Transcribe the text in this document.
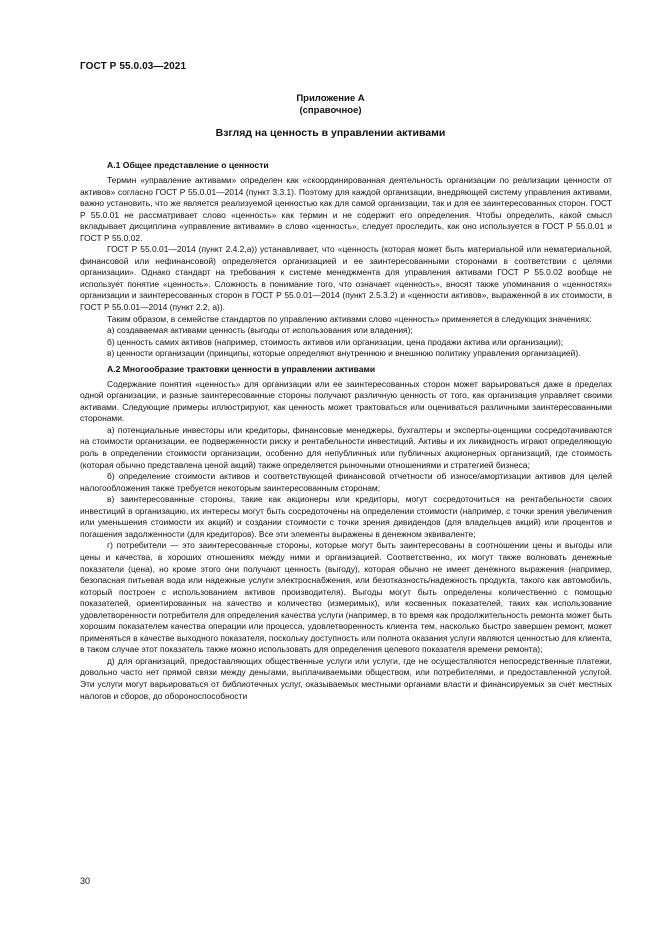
ГОСТ Р 55.0.03—2021
Приложение А
(справочное)
Взгляд на ценность в управлении активами
А.1 Общее представление о ценности

Термин «управление активами» определен как «скоординированная деятельность организации по реализации ценности от активов» согласно ГОСТ Р 55.0.01—2014 (пункт 3.3.1). Поэтому для каждой организации, внедряющей систему управления активами, важно установить, что же является реализуемой ценностью как для самой организации, так и для ее заинтересованных сторон. ГОСТ Р 55.0.01 не рассматривает слово «ценность» как термин и не содержит его определения. Чтобы определить, какой смысл вкладывает дисциплина «управление активами» в слово «ценность», следует проследить, как оно используется в ГОСТ Р 55.0.01 и ГОСТ Р 55.0.02.

ГОСТ Р 55.0.01—2014 (пункт 2.4.2,а)) устанавливает, что «ценность (которая может быть материальной или нематериальной, финансовой или нефинансовой) определяется организацией и ее заинтересованными сторонами в соответствии с целями организации». Однако стандарт на требования к системе менеджмента для управления активами ГОСТ Р 55.0.02 вообще не использует понятие «ценность». Сложность в понимание того, что означает «ценность», вносят также упоминания о «ценностях» организации и заинтересованных сторон в ГОСТ Р 55.0.01—2014 (пункт 2.5.3.2) и «ценности активов», выраженной в их стоимости, в ГОСТ Р 55.0.01—2014 (пункт 2.2, а)).

Таким образом, в семействе стандартов по управлению активами слово «ценность» применяется в следующих значениях:

а) создаваемая активами ценность (выгоды от использования или владения);

б) ценность самих активов (например, стоимость активов или организации, цена продажи актива или организации);

в) ценности организации (принципы, которые определяют внутреннюю и внешнюю политику управления организацией).

А.2 Многообразие трактовки ценности в управлении активами

Содержание понятия «ценность» для организации или ее заинтересованных сторон может варьироваться даже в пределах одной организации, и разные заинтересованные стороны получают различную ценность от того, как организация управляет своими активами. Следующие примеры иллюстрируют, как ценность может трактоваться или оцениваться различными заинтересованными сторонами.

а) потенциальные инвесторы или кредиторы, финансовые менеджеры, бухгалтеры и эксперты-оценщики сосредотачиваются на стоимости организации, ее подверженности риску и рентабельности инвестиций. Активы и их ликвидность играют определяющую роль в определении стоимости организации, особенно для непубличных или публичных акционерных организаций, где стоимость (которая обычно представлена ценой акций) также определяется рыночными отношениями и стратегией бизнеса;

б) определение стоимости активов и соответствующей финансовой отчетности об износе/амортизации активов для целей налогообложения также требуется некоторым заинтересованным сторонам;

в) заинтересованные стороны, такие как акционеры или кредиторы, могут сосредоточиться на рентабельности своих инвестиций в организацию, их интересы могут быть сосредоточены на определении стоимости (например, с точки зрения увеличения или уменьшения стоимости их акций) и создании стоимости с точки зрения дивидендов (для владельцев акций) или процентов и погашения задолженности (для кредиторов). Все эти элементы выражены в денежном эквиваленте;

г) потребители — это заинтересованные стороны, которые могут быть заинтересованы в соотношении цены и выгоды или цены и качества, в хороших отношениях между ними и организацией. Соответственно, их могут также волновать денежные показатели (цена), но кроме этого они получают ценность (выгоду), которая обычно не имеет денежного выражения (например, безопасная питьевая вода или надежные услуги электроснабжения, или безотказность/надежность продукта, такого как автомобиль, который построен с использованием активов производителя). Выгоды могут быть определены количественно с помощью показателей, ориентированных на качество и количество (измеримых), или косвенных показателей, таких как использование удовлетворенности потребителя для определения качества услуги (например, в то время как продолжительность ремонта может быть хорошим показателем качества операции или процесса, удовлетворенность клиента тем, насколько быстро завершен ремонт, может применяться в качестве выходного показателя, поскольку доступность или полнота оказания услуги являются ценностью для клиента, в таком случае этот показатель также можно использовать для определения целевого показателя времени ремонта);

д) для организаций, предоставляющих общественные услуги или услуги, где не осуществляются непосредственные платежи, довольно часто нет прямой связи между деньгами, выплачиваемыми обществом, или потребителями, и предоставленной услугой. Эти услуги могут варьироваться от библиотечных услуг, оказываемых местными органами власти и финансируемых за счет местных налогов и сборов, до обороноспособности

30
